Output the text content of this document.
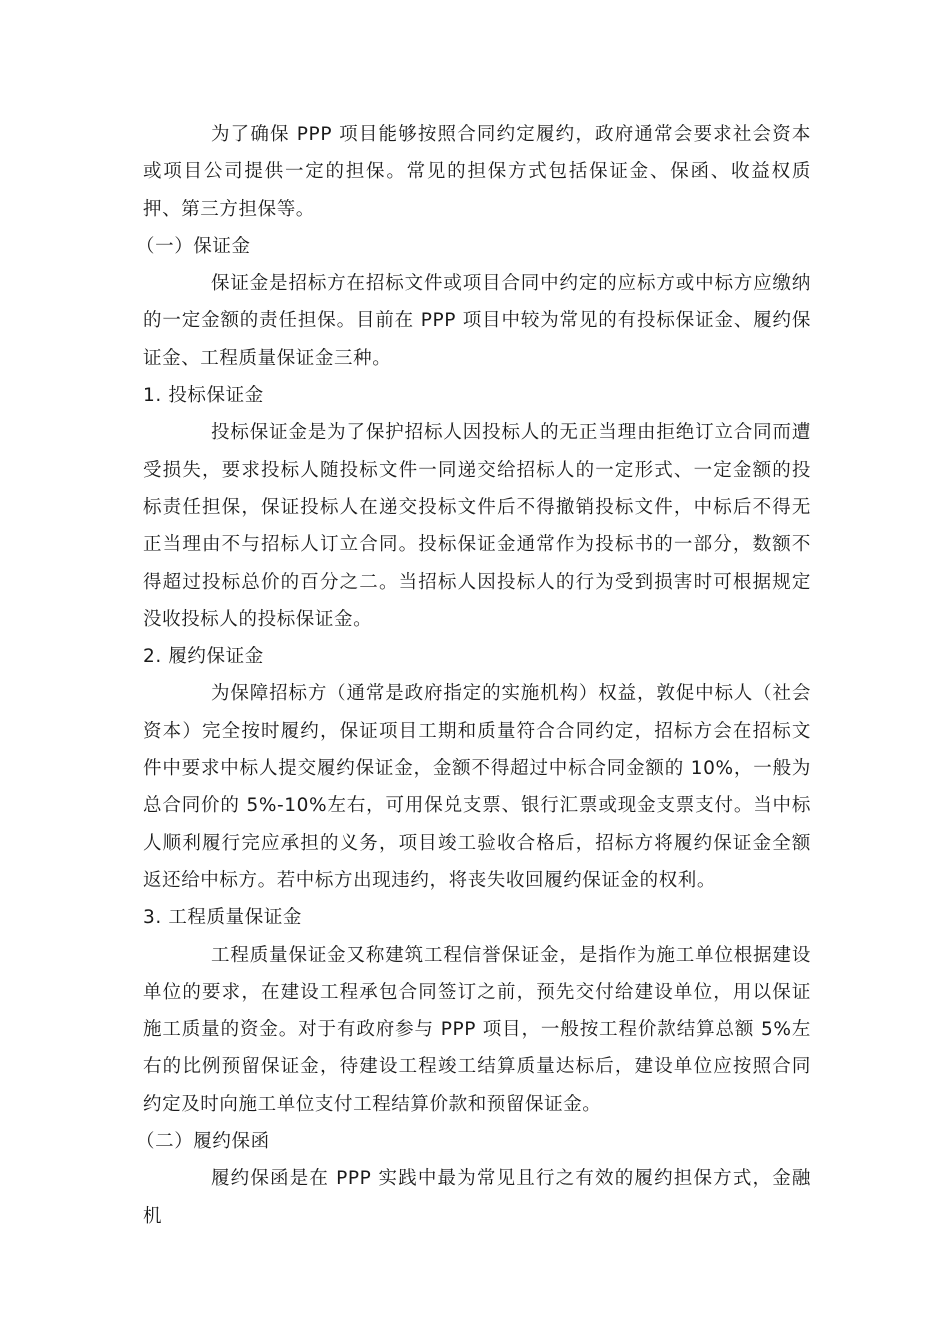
为了确保 PPP 项目能够按照合同约定履约，政府通常会要求社会资本或项目公司提供一定的担保。常见的担保方式包括保证金、保函、收益权质押、第三方担保等。

（一）保证金

保证金是招标方在招标文件或项目合同中约定的应标方或中标方应缴纳的一定金额的责任担保。目前在 PPP 项目中较为常见的有投标保证金、履约保证金、工程质量保证金三种。

1. 投标保证金

投标保证金是为了保护招标人因投标人的无正当理由拒绝订立合同而遭受损失，要求投标人随投标文件一同递交给招标人的一定形式、一定金额的投标责任担保，保证投标人在递交投标文件后不得撤销投标文件，中标后不得无正当理由不与招标人订立合同。投标保证金通常作为投标书的一部分，数额不得超过投标总价的百分之二。当招标人因投标人的行为受到损害时可根据规定没收投标人的投标保证金。

2. 履约保证金

为保障招标方（通常是政府指定的实施机构）权益，敦促中标人（社会资本）完全按时履约，保证项目工期和质量符合合同约定，招标方会在招标文件中要求中标人提交履约保证金，金额不得超过中标合同金额的 10%，一般为总合同价的 5%-10%左右，可用保兑支票、银行汇票或现金支票支付。当中标人顺利履行完应承担的义务，项目竣工验收合格后，招标方将履约保证金全额返还给中标方。若中标方出现违约，将丧失收回履约保证金的权利。

3. 工程质量保证金

工程质量保证金又称建筑工程信誉保证金，是指作为施工单位根据建设单位的要求，在建设工程承包合同签订之前，预先交付给建设单位，用以保证施工质量的资金。对于有政府参与 PPP 项目，一般按工程价款结算总额 5%左右的比例预留保证金，待建设工程竣工结算质量达标后，建设单位应按照合同约定及时向施工单位支付工程结算价款和预留保证金。

（二）履约保函

履约保函是在 PPP 实践中最为常见且行之有效的履约担保方式，金融机
